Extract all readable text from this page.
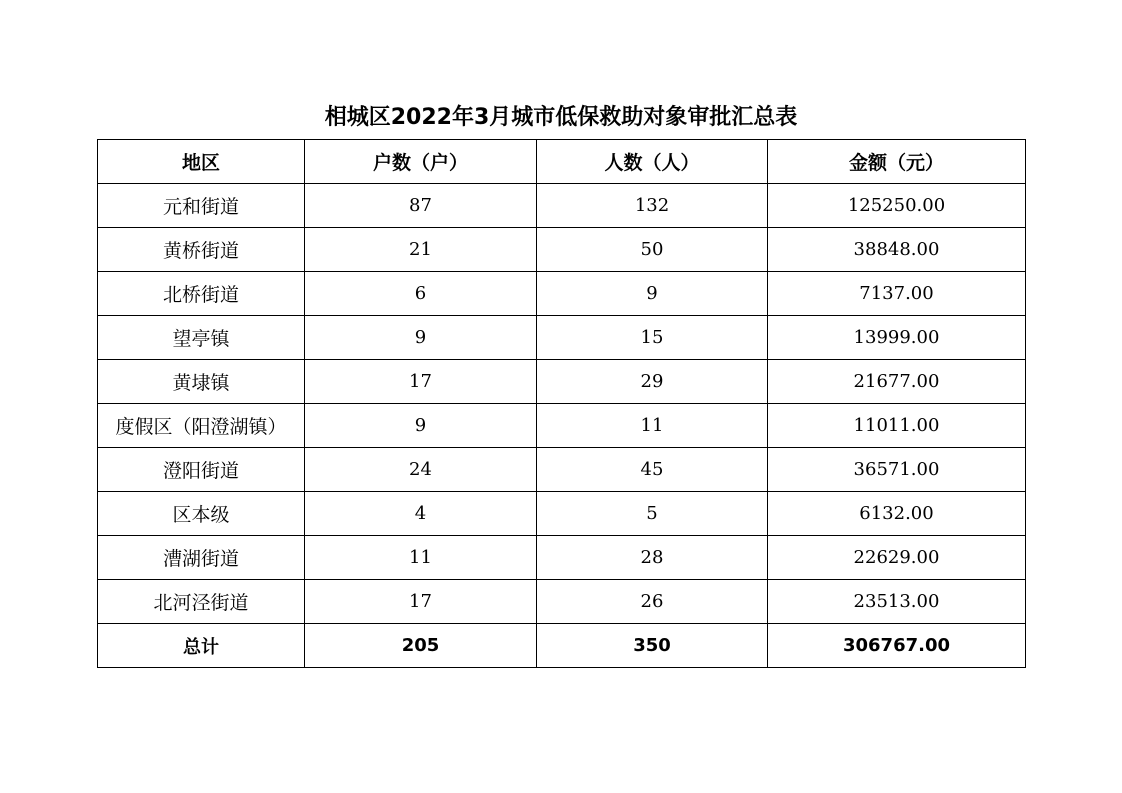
相城区2022年3月城市低保救助对象审批汇总表
地区	户数（户）	人数（人）	金额（元）
元和街道	87	132	125250.00
黄桥街道	21	50	38848.00
北桥街道	6	9	7137.00
望亭镇	9	15	13999.00
黄埭镇	17	29	21677.00
度假区（阳澄湖镇）	9	11	11011.00
澄阳街道	24	45	36571.00
区本级	4	5	6132.00
漕湖街道	11	28	22629.00
北河泾街道	17	26	23513.00
总计	205	350	306767.00
